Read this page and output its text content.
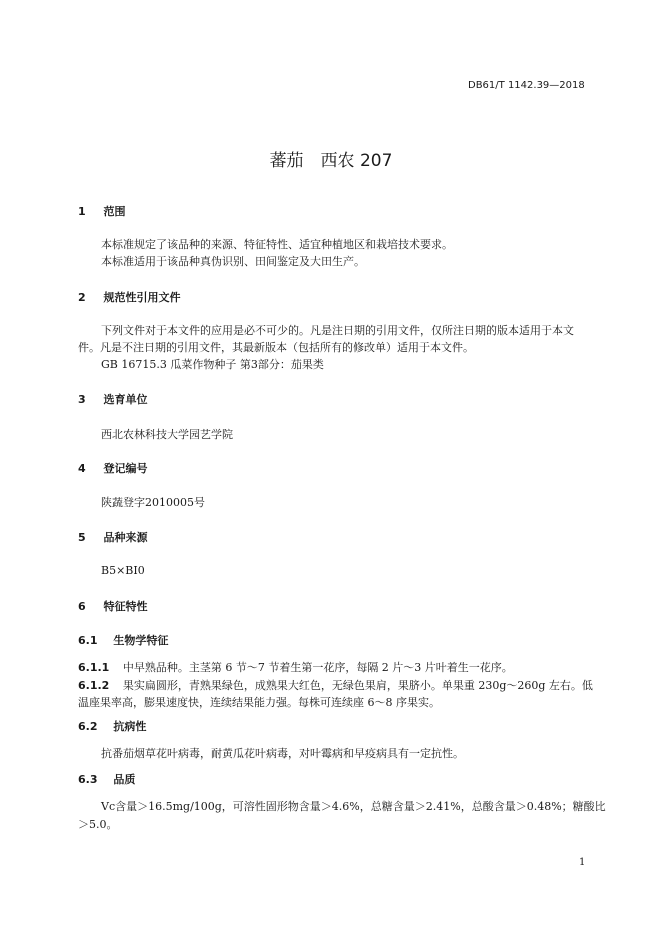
DB61/T 1142.39—2018
蕃茄　西农 207
1 范围
本标准规定了该品种的来源、特征特性、适宜种植地区和栽培技术要求。
本标准适用于该品种真伪识别、田间鉴定及大田生产。
2 规范性引用文件
下列文件对于本文件的应用是必不可少的。凡是注日期的引用文件，仅所注日期的版本适用于本文
件。凡是不注日期的引用文件，其最新版本（包括所有的修改单）适用于本文件。
GB 16715.3 瓜菜作物种子 第3部分：茄果类
3 选育单位
西北农林科技大学园艺学院
4 登记编号
陕蔬登字2010005号
5 品种来源
B5×BI0
6 特征特性
6.1 生物学特征
6.1.1 中早熟品种。主茎第 6 节～7 节着生第一花序，每隔 2 片～3 片叶着生一花序。
6.1.2 果实扁圆形，青熟果绿色，成熟果大红色，无绿色果肩，果脐小。单果重 230g～260g 左右。低
温座果率高，膨果速度快，连续结果能力强。每株可连续座 6～8 序果实。
6.2 抗病性
抗番茄烟草花叶病毒，耐黄瓜花叶病毒，对叶霉病和早疫病具有一定抗性。
6.3 品质
Vc含量＞16.5mg/100g，可溶性固形物含量＞4.6%，总糖含量＞2.41%，总酸含量＞0.48%；糖酸比
＞5.0。
1
